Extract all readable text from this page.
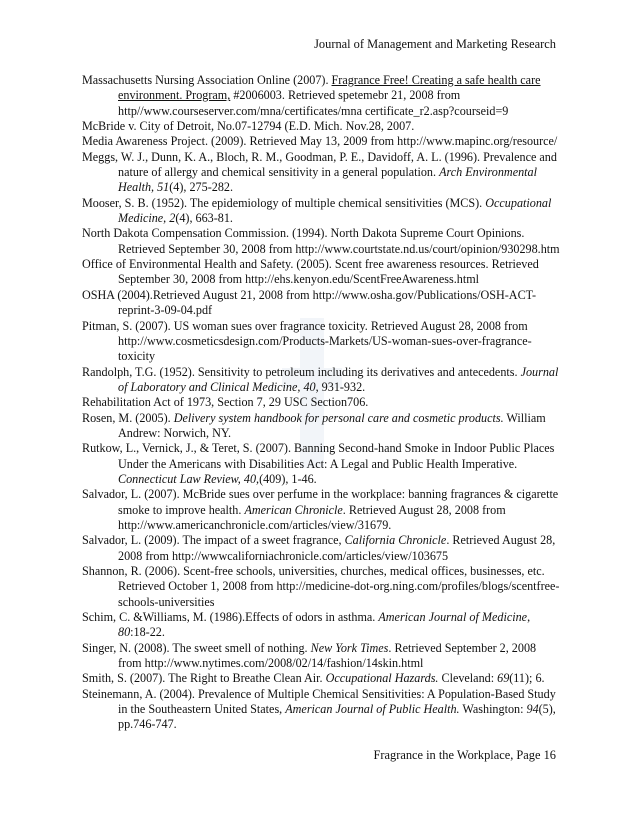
Journal of Management and Marketing Research

Massachusetts Nursing Association Online (2007). Fragrance Free! Creating a safe health care environment. Program, #2006003. Retrieved spetemebr 21, 2008 from http//www.courseserver.com/mna/certificates/mna certificate_r2.asp?courseid=9

McBride v. City of Detroit, No.07-12794 (E.D. Mich. Nov.28, 2007.

Media Awareness Project. (2009). Retrieved May 13, 2009 from http://www.mapinc.org/resource/

Meggs, W. J., Dunn, K. A., Bloch, R. M., Goodman, P. E., Davidoff, A. L. (1996). Prevalence and nature of allergy and chemical sensitivity in a general population. Arch Environmental Health, 51(4), 275-282.

Mooser, S. B. (1952). The epidemiology of multiple chemical sensitivities (MCS). Occupational Medicine, 2(4), 663-81.

North Dakota Compensation Commission. (1994). North Dakota Supreme Court Opinions. Retrieved September 30, 2008 from http://www.courtstate.nd.us/court/opinion/930298.htm

Office of Environmental Health and Safety. (2005). Scent free awareness resources. Retrieved September 30, 2008 from http://ehs.kenyon.edu/ScentFreeAwareness.html

OSHA (2004).Retrieved August 21, 2008 from http://www.osha.gov/Publications/OSH-ACT-reprint-3-09-04.pdf

Pitman, S. (2007). US woman sues over fragrance toxicity. Retrieved August 28, 2008 from http://www.cosmeticsdesign.com/Products-Markets/US-woman-sues-over-fragrance-toxicity

Randolph, T.G. (1952). Sensitivity to petroleum including its derivatives and antecedents. Journal of Laboratory and Clinical Medicine, 40, 931-932.

Rehabilitation Act of 1973, Section 7, 29 USC Section706.

Rosen, M. (2005). Delivery system handbook for personal care and cosmetic products. William Andrew: Norwich, NY.

Rutkow, L., Vernick, J., & Teret, S. (2007). Banning Second-hand Smoke in Indoor Public Places Under the Americans with Disabilities Act: A Legal and Public Health Imperative. Connecticut Law Review, 40,(409), 1-46.

Salvador, L. (2007). McBride sues over perfume in the workplace: banning fragrances & cigarette smoke to improve health. American Chronicle. Retrieved August 28, 2008 from http://www.americanchronicle.com/articles/view/31679.

Salvador, L. (2009). The impact of a sweet fragrance, California Chronicle. Retrieved August 28, 2008 from http://wwwcaliforniachronicle.com/articles/view/103675

Shannon, R. (2006). Scent-free schools, universities, churches, medical offices, businesses, etc. Retrieved October 1, 2008 from http://medicine-dot-org.ning.com/profiles/blogs/scentfree-schools-universities

Schim, C. &Williams, M. (1986).Effects of odors in asthma. American Journal of Medicine, 80:18-22.

Singer, N. (2008). The sweet smell of nothing. New York Times. Retrieved September 2, 2008 from http://www.nytimes.com/2008/02/14/fashion/14skin.html

Smith, S. (2007). The Right to Breathe Clean Air. Occupational Hazards. Cleveland: 69(11); 6.

Steinemann, A. (2004). Prevalence of Multiple Chemical Sensitivities: A Population-Based Study in the Southeastern United States, American Journal of Public Health. Washington: 94(5), pp.746-747.

Fragrance in the Workplace, Page 16
